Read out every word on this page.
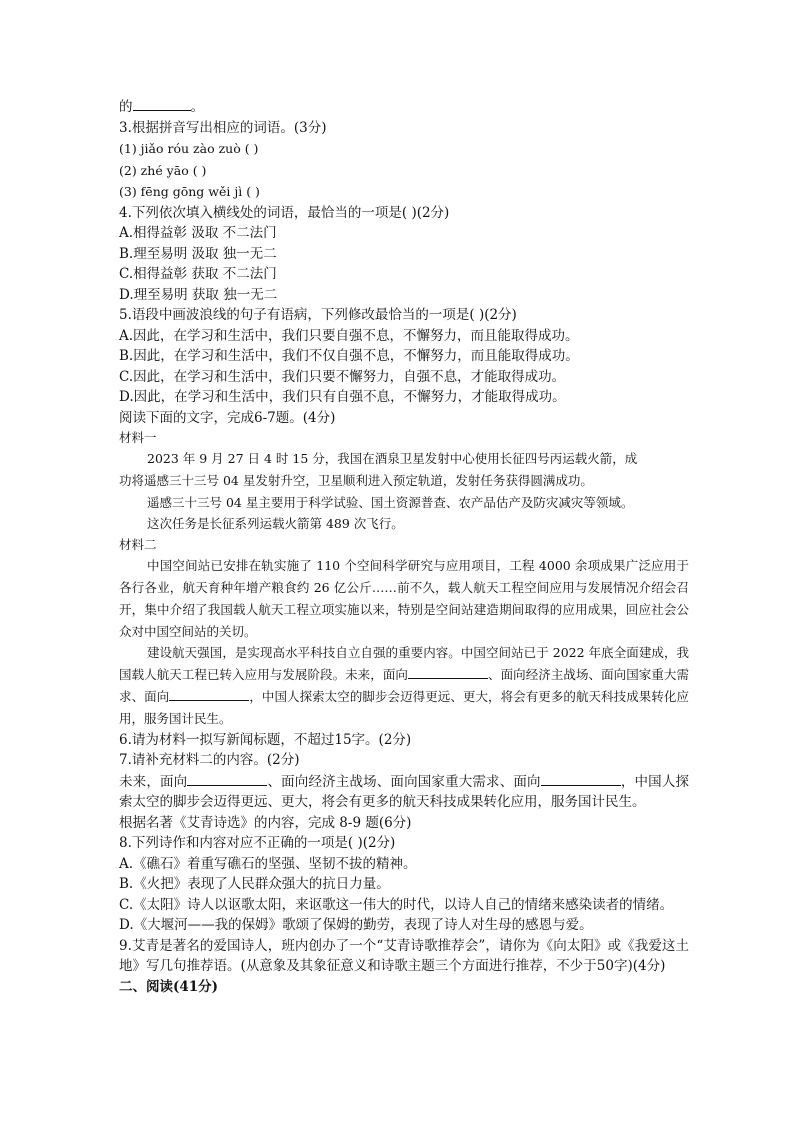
的	。
3.根据拼音写出相应的词语。(3分)
(1) jiǎo róu zào zuò ( )
(2) zhé yāo ( )
(3) fēng gōng wěi jì ( )
4.下列依次填入横线处的词语，最恰当的一项是( )(2分)
A.相得益彰 汲取 不二法门
B.理至易明 汲取 独一无二
C.相得益彰 获取 不二法门
D.理至易明 获取 独一无二
5.语段中画波浪线的句子有语病，下列修改最恰当的一项是( )(2分)
A.因此，在学习和生活中，我们只要自强不息，不懈努力，而且能取得成功。
B.因此，在学习和生活中，我们不仅自强不息，不懈努力，而且能取得成功。
C.因此，在学习和生活中，我们只要不懈努力，自强不息，才能取得成功。
D.因此，在学习和生活中，我们只有自强不息，不懈努力，才能取得成功。
阅读下面的文字，完成6-7题。(4分)
材料一
2023 年 9 月 27 日 4 时 15 分，我国在酒泉卫星发射中心使用长征四号丙运载火箭，成
功将遥感三十三号 04 星发射升空，卫星顺利进入预定轨道，发射任务获得圆满成功。
遥感三十三号 04 星主要用于科学试验、国土资源普查、农产品估产及防灾减灾等领域。
这次任务是长征系列运载火箭第 489 次飞行。
材料二
中国空间站已安排在轨实施了 110 个空间科学研究与应用项目，工程 4000 余项成果广泛应用于各行各业，航天育种年增产粮食约 26 亿公斤……前不久，载人航天工程空间应用与发展情况介绍会召开，集中介绍了我国载人航天工程立项实施以来，特别是空间站建造期间取得的应用成果，回应社会公众对中国空间站的关切。
建设航天强国，是实现高水平科技自立自强的重要内容。中国空间站已于 2022 年底全面建成，我国载人航天工程已转入应用与发展阶段。未来，面向	、面向经济主战场、面向国家重大需求、面向	，中国人探索太空的脚步会迈得更远、更大，将会有更多的航天科技成果转化应用，服务国计民生。
6.请为材料一拟写新闻标题，不超过15字。(2分)
7.请补充材料二的内容。(2分)
未来，面向	、面向经济主战场、面向国家重大需求、面向	，中国人探索太空的脚步会迈得更远、更大，将会有更多的航天科技成果转化应用，服务国计民生。
根据名著《艾青诗选》的内容，完成 8-9 题(6分)
8.下列诗作和内容对应不正确的一项是( )(2分)
A.《礁石》着重写礁石的坚强、坚韧不拔的精神。
B.《火把》表现了人民群众强大的抗日力量。
C.《太阳》诗人以讴歌太阳，来讴歌这一伟大的时代，以诗人自己的情绪来感染读者的情绪。
D.《大堰河——我的保姆》歌颂了保姆的勤劳，表现了诗人对生母的感恩与爱。
9.艾青是著名的爱国诗人，班内创办了一个“艾青诗歌推荐会”，请你为《向太阳》或《我爱这土地》写几句推荐语。(从意象及其象征意义和诗歌主题三个方面进行推荐，不少于50字)(4分)
二、阅读(41分)
